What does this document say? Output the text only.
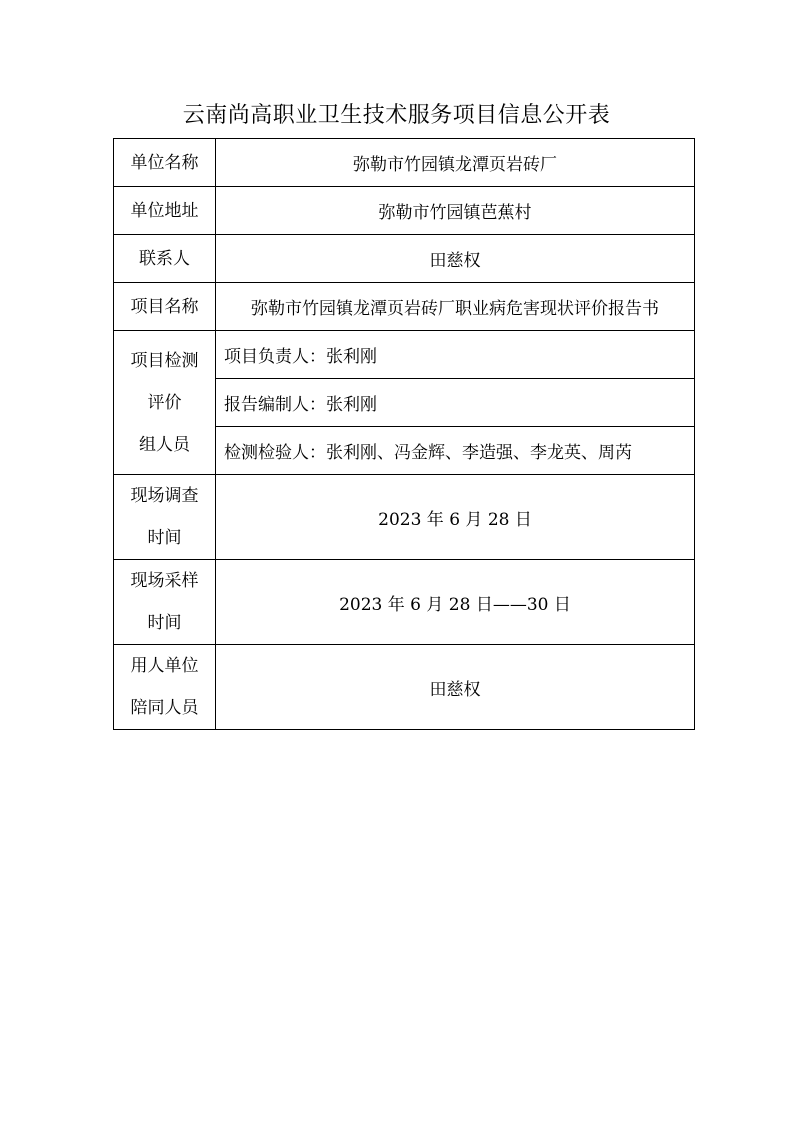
云南尚高职业卫生技术服务项目信息公开表
单位名称	弥勒市竹园镇龙潭页岩砖厂
单位地址	弥勒市竹园镇芭蕉村
联系人	田慈权
项目名称	弥勒市竹园镇龙潭页岩砖厂职业病危害现状评价报告书

项目检测
评价
组人员	项目负责人：张利刚
	报告编制人：张利刚
	检测检验人：张利刚、冯金辉、李造强、李龙英、周芮

现场调查
时间	2023 年 6 月 28 日

现场采样
时间	2023 年 6 月 28 日——30 日

用人单位
陪同人员	田慈权
